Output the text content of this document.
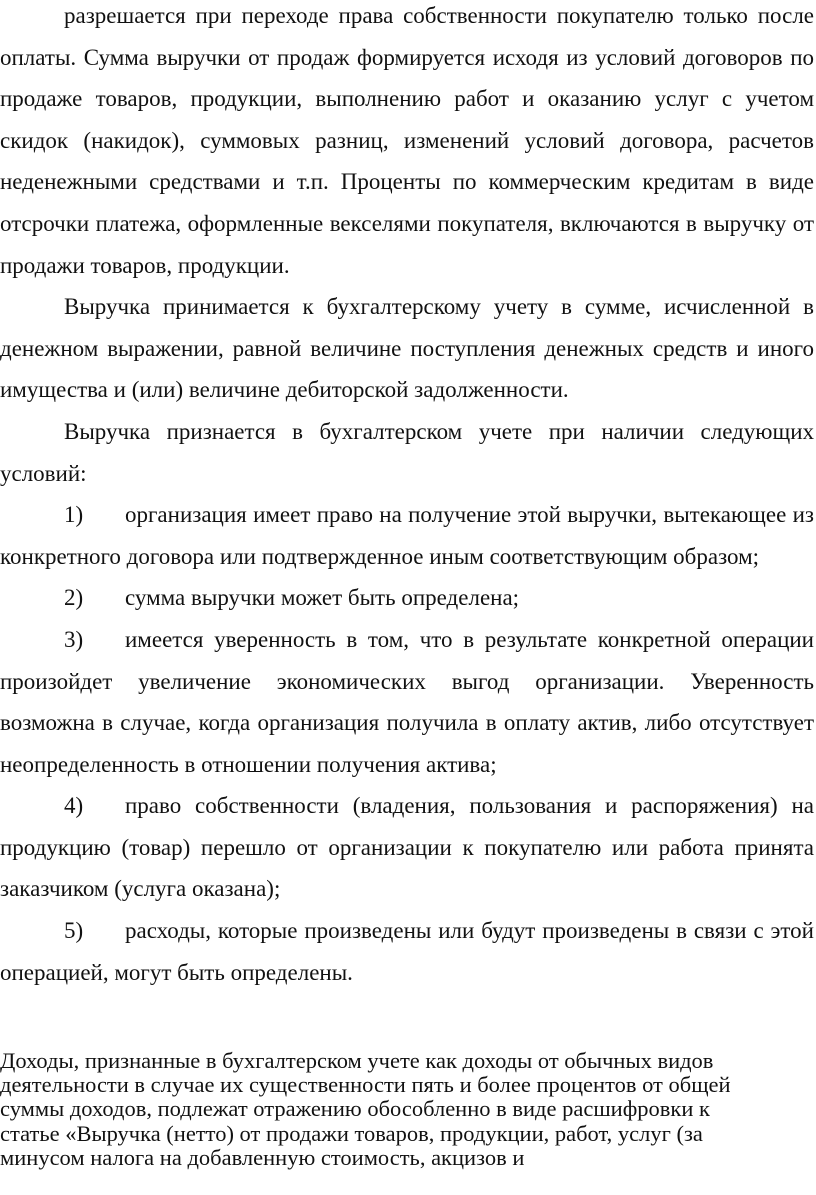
разрешается при переходе права собственности покупателю только после оплаты. Сумма выручки от продаж формируется исходя из условий договоров по продаже товаров, продукции, выполнению работ и оказанию услуг с учетом скидок (накидок), суммовых разниц, изменений условий договора, расчетов неденежными средствами и т.п. Проценты по коммерческим кредитам в виде отсрочки платежа, оформленные векселями покупателя, включаются в выручку от продажи товаров, продукции.

Выручка принимается к бухгалтерскому учету в сумме, исчисленной в денежном выражении, равной величине поступления денежных средств и иного имущества и (или) величине дебиторской задолженности.

Выручка признается в бухгалтерском учете при наличии следующих условий:

1) организация имеет право на получение этой выручки, вытекающее из конкретного договора или подтвержденное иным соответствующим образом;

2) сумма выручки может быть определена;

3) имеется уверенность в том, что в результате конкретной операции произойдет увеличение экономических выгод организации. Уверенность возможна в случае, когда организация получила в оплату актив, либо отсутствует неопределенность в отношении получения актива;

4) право собственности (владения, пользования и распоряжения) на продукцию (товар) перешло от организации к покупателю или работа принята заказчиком (услуга оказана);

5) расходы, которые произведены или будут произведены в связи с этой операцией, могут быть определены.

Доходы, признанные в бухгалтерском учете как доходы от обычных видов
деятельности в случае их существенности пять и более процентов от общей
суммы доходов, подлежат отражению обособленно в виде расшифровки к
статье «Выручка (нетто) от продажи товаров, продукции, работ, услуг (за
минусом налога на добавленную стоимость, акцизов и
